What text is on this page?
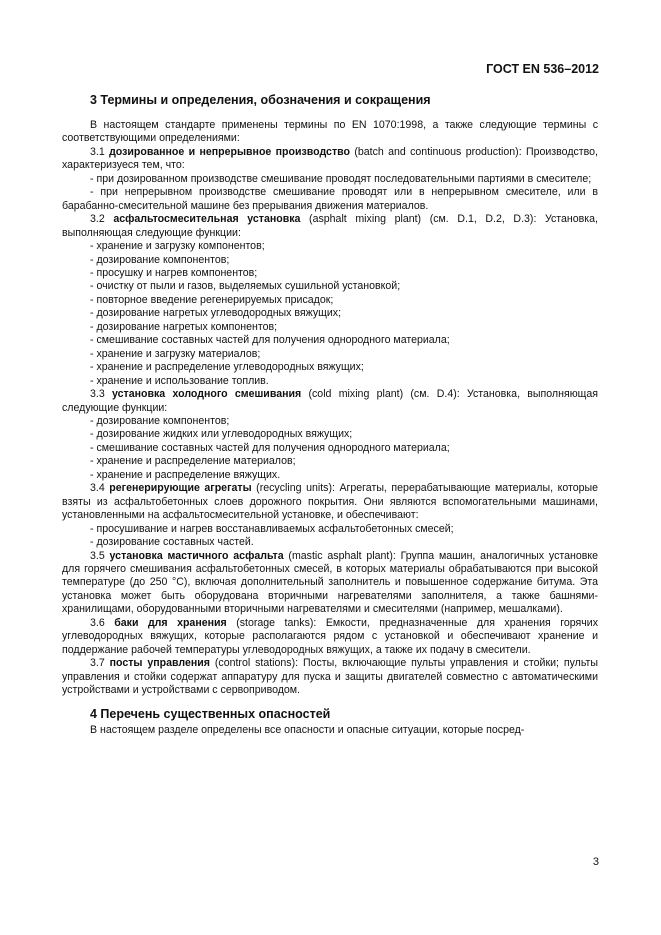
ГОСТ EN 536–2012
3 Термины и определения, обозначения и сокращения

В настоящем стандарте применены термины по EN 1070:1998, а также следующие термины с соответствующими определениями:

3.1 дозированное и непрерывное производство (batch and continuous production): Производство, характеризуеся тем, что:

- при дозированном производстве смешивание проводят последовательными партиями в смесителе;

- при непрерывном производстве смешивание проводят или в непрерывном смесителе, или в барабанно-смесительной машине без прерывания движения материалов.

3.2 асфальтосмесительная установка (asphalt mixing plant) (см. D.1, D.2, D.3): Установка, выполняющая следующие функции:

- хранение и загрузку компонентов;
- дозирование компонентов;
- просушку и нагрев компонентов;
- очистку от пыли и газов, выделяемых сушильной установкой;
- повторное введение регенерируемых присадок;
- дозирование нагретых углеводородных вяжущих;
- дозирование нагретых компонентов;
- смешивание составных частей для получения однородного материала;
- хранение и загрузку материалов;
- хранение и распределение углеводородных вяжущих;
- хранение и использование топлив.

3.3 установка холодного смешивания (cold mixing plant) (см. D.4): Установка, выполняющая следующие функции:

- дозирование компонентов;
- дозирование жидких или углеводородных вяжущих;
- смешивание составных частей для получения однородного материала;
- хранение и распределение материалов;
- хранение и распределение вяжущих.

3.4 регенерирующие агрегаты (recycling units): Агрегаты, перерабатывающие материалы, которые взяты из асфальтобетонных слоев дорожного покрытия. Они являются вспомогательными машинами, установленными на асфальтосмесительной установке, и обеспечивают:

- просушивание и нагрев восстанавливаемых асфальтобетонных смесей;
- дозирование составных частей.

3.5 установка мастичного асфальта (mastic asphalt plant): Группа машин, аналогичных установке для горячего смешивания асфальтобетонных смесей, в которых материалы обрабатываются при высокой температуре (до 250 °С), включая дополнительный заполнитель и повышенное содержание битума. Эта установка может быть оборудована вторичными нагревателями заполнителя, а также башнями-хранилищами, оборудованными вторичными нагревателями и смесителями (например, мешалками).

3.6 баки для хранения (storage tanks): Емкости, предназначенные для хранения горячих углеводородных вяжущих, которые располагаются рядом с установкой и обеспечивают хранение и поддержание рабочей температуры углеводородных вяжущих, а также их подачу в смесители.

3.7 посты управления (control stations): Посты, включающие пульты управления и стойки; пульты управления и стойки содержат аппаратуру для пуска и защиты двигателей совместно с автоматическими устройствами и устройствами с сервоприводом.

4 Перечень существенных опасностей

В настоящем разделе определены все опасности и опасные ситуации, которые посред-

3
